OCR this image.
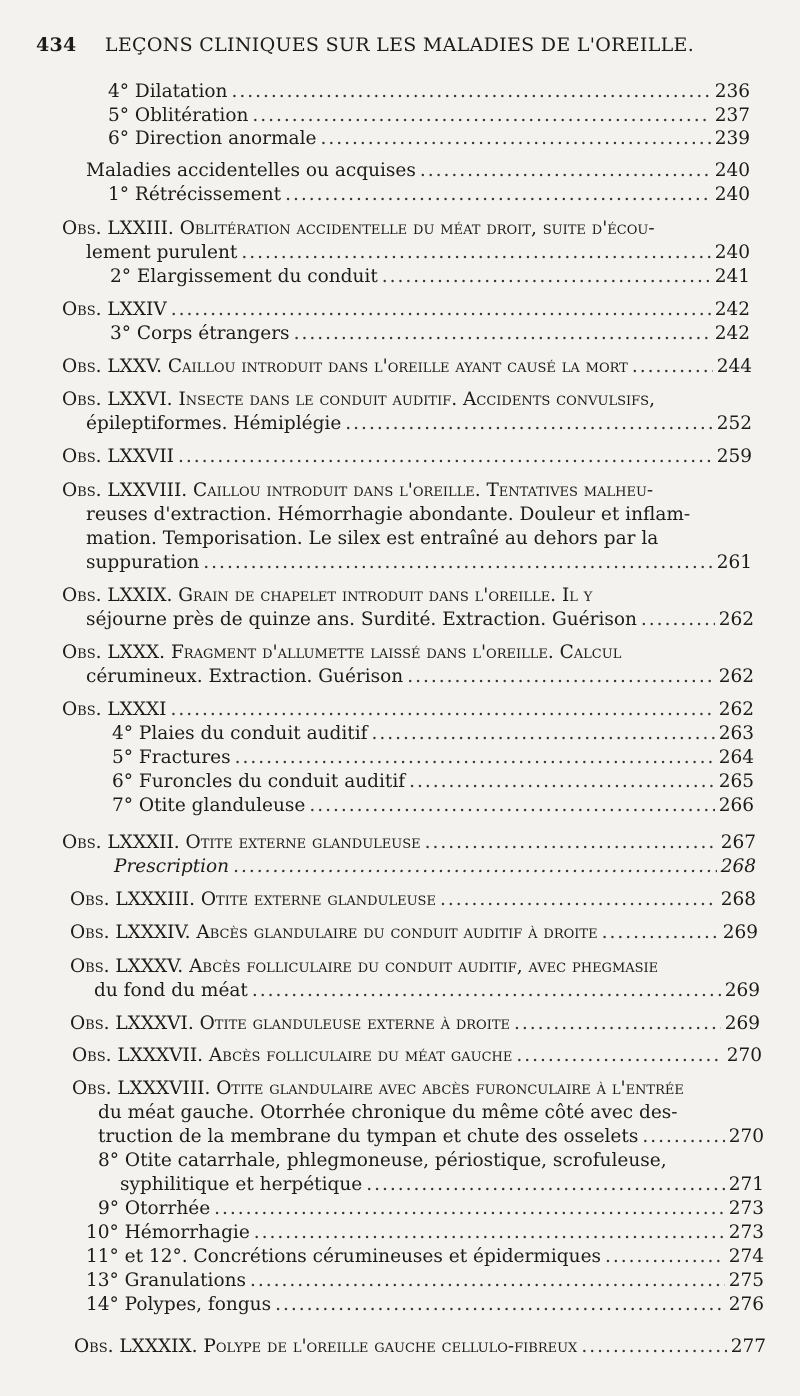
434 LEÇONS CLINIQUES SUR LES MALADIES DE L'OREILLE.
4° Dilatation .....	236
5° Oblitération .....	237
6° Direction anormale .....	239
Maladies accidentelles ou acquises .....	240
1° Rétrécissement .....	240
Obs. LXXIII. Oblitération accidentelle du méat droit, suite d'écou-
lement purulent .....	240
2° Elargissement du conduit .....	241
Obs. LXXIV .....	242
3° Corps étrangers .....	242
Obs. LXXV. Caillou introduit dans l'oreille ayant causé la mort .....	244
Obs. LXXVI. Insecte dans le conduit auditif. Accidents convulsifs,
épileptiformes. Hémiplégie .....	252
Obs. LXXVII .....	259
Obs. LXXVIII. Caillou introduit dans l'oreille. Tentatives malheu-
reuses d'extraction. Hémorrhagie abondante. Douleur et inflam-
mation. Temporisation. Le silex est entraîné au dehors par la
suppuration .....	261
Obs. LXXIX. Grain de chapelet introduit dans l'oreille. Il y
séjourne près de quinze ans. Surdité. Extraction. Guérison .....	262
Obs. LXXX. Fragment d'allumette laissé dans l'oreille. Calcul
cérumineux. Extraction. Guérison .....	262
Obs. LXXXI .....	262
4° Plaies du conduit auditif .....	263
5° Fractures .....	264
6° Furoncles du conduit auditif .....	265
7° Otite glanduleuse .....	266
Obs. LXXXII. Otite externe glanduleuse .....	267
Prescription .....	268
Obs. LXXXIII. Otite externe glanduleuse .....	268
Obs. LXXXIV. Abcès glandulaire du conduit auditif à droite .....	269
Obs. LXXXV. Abcès folliculaire du conduit auditif, avec phegmasie
du fond du méat .....	269
Obs. LXXXVI. Otite glanduleuse externe à droite .....	269
Obs. LXXXVII. Abcès folliculaire du méat gauche .....	270
Obs. LXXXVIII. Otite glandulaire avec abcès furonculaire à l'entrée
du méat gauche. Otorrhée chronique du même côté avec des-
truction de la membrane du tympan et chute des osselets .....	270
8° Otite catarrhale, phlegmoneuse, périostique, scrofuleuse,
syphilitique et herpétique .....	271
9° Otorrhée .....	273
10° Hémorrhagie .....	273
11° et 12°. Concrétions cérumineuses et épidermiques .....	274
13° Granulations .....	275
14° Polypes, fongus .....	276
Obs. LXXXIX. Polype de l'oreille gauche cellulo-fibreux .....	277
